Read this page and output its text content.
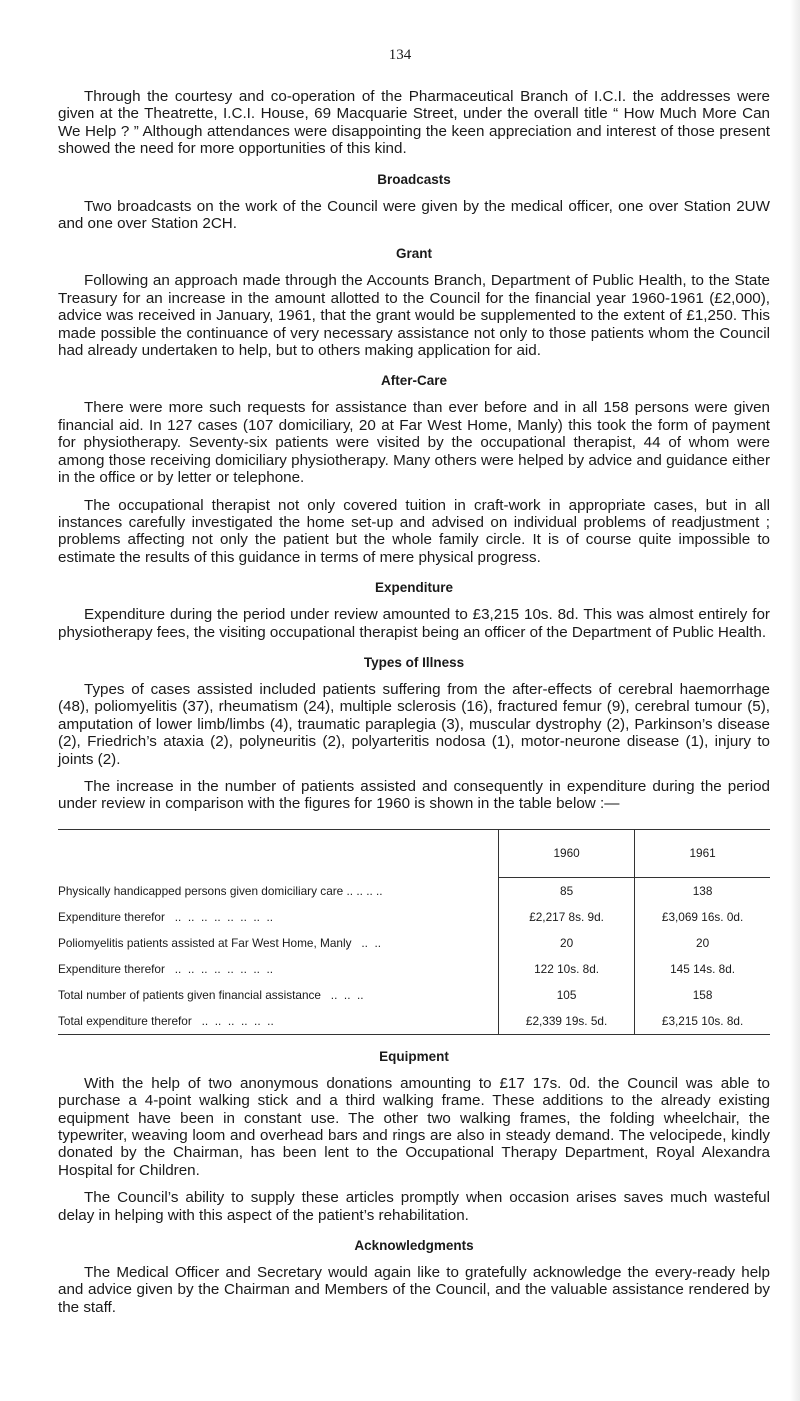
134

Through the courtesy and co-operation of the Pharmaceutical Branch of I.C.I. the addresses were given at the Theatrette, I.C.I. House, 69 Macquarie Street, under the overall title “ How Much More Can We Help ? ” Although attendances were disappointing the keen appreciation and interest of those present showed the need for more opportunities of this kind.

Broadcasts

Two broadcasts on the work of the Council were given by the medical officer, one over Station 2UW and one over Station 2CH.

Grant

Following an approach made through the Accounts Branch, Department of Public Health, to the State Treasury for an increase in the amount allotted to the Council for the financial year 1960-1961 (£2,000), advice was received in January, 1961, that the grant would be supplemented to the extent of £1,250. This made possible the continuance of very necessary assistance not only to those patients whom the Council had already undertaken to help, but to others making application for aid.

After-Care

There were more such requests for assistance than ever before and in all 158 persons were given financial aid. In 127 cases (107 domiciliary, 20 at Far West Home, Manly) this took the form of payment for physiotherapy. Seventy-six patients were visited by the occupational therapist, 44 of whom were among those receiving domiciliary physiotherapy. Many others were helped by advice and guidance either in the office or by letter or telephone.

The occupational therapist not only covered tuition in craft-work in appropriate cases, but in all instances carefully investigated the home set-up and advised on individual problems of readjustment ; problems affecting not only the patient but the whole family circle. It is of course quite impossible to estimate the results of this guidance in terms of mere physical progress.

Expenditure

Expenditure during the period under review amounted to £3,215 10s. 8d. This was almost entirely for physiotherapy fees, the visiting occupational therapist being an officer of the Department of Public Health.

Types of Illness

Types of cases assisted included patients suffering from the after-effects of cerebral haemorrhage (48), poliomyelitis (37), rheumatism (24), multiple sclerosis (16), fractured femur (9), cerebral tumour (5), amputation of lower limb/limbs (4), traumatic paraplegia (3), muscular dystrophy (2), Parkinson’s disease (2), Friedrich’s ataxia (2), polyneuritis (2), polyarteritis nodosa (1), motor-neurone disease (1), injury to joints (2).

The increase in the number of patients assisted and consequently in expenditure during the period under review in comparison with the figures for 1960 is shown in the table below :—

	1960	1961
Physically handicapped persons given domiciliary care .. .. .. ..	85	138
Expenditure therefor   ..  ..  ..  ..  ..  ..  ..  ..	£2,217 8s. 9d.	£3,069 16s. 0d.
Poliomyelitis patients assisted at Far West Home, Manly   ..  ..	20	20
Expenditure therefor   ..  ..  ..  ..  ..  ..  ..  ..	122 10s. 8d.	145 14s. 8d.
Total number of patients given financial assistance   ..  ..  ..	105	158
Total expenditure therefor   ..  ..  ..  ..  ..  ..	£2,339 19s. 5d.	£3,215 10s. 8d.
Equipment

With the help of two anonymous donations amounting to £17 17s. 0d. the Council was able to purchase a 4-point walking stick and a third walking frame. These additions to the already existing equipment have been in constant use. The other two walking frames, the folding wheelchair, the typewriter, weaving loom and overhead bars and rings are also in steady demand. The velocipede, kindly donated by the Chairman, has been lent to the Occupational Therapy Department, Royal Alexandra Hospital for Children.

The Council’s ability to supply these articles promptly when occasion arises saves much wasteful delay in helping with this aspect of the patient’s rehabilitation.

Acknowledgments

The Medical Officer and Secretary would again like to gratefully acknowledge the every-ready help and advice given by the Chairman and Members of the Council, and the valuable assistance rendered by the staff.
